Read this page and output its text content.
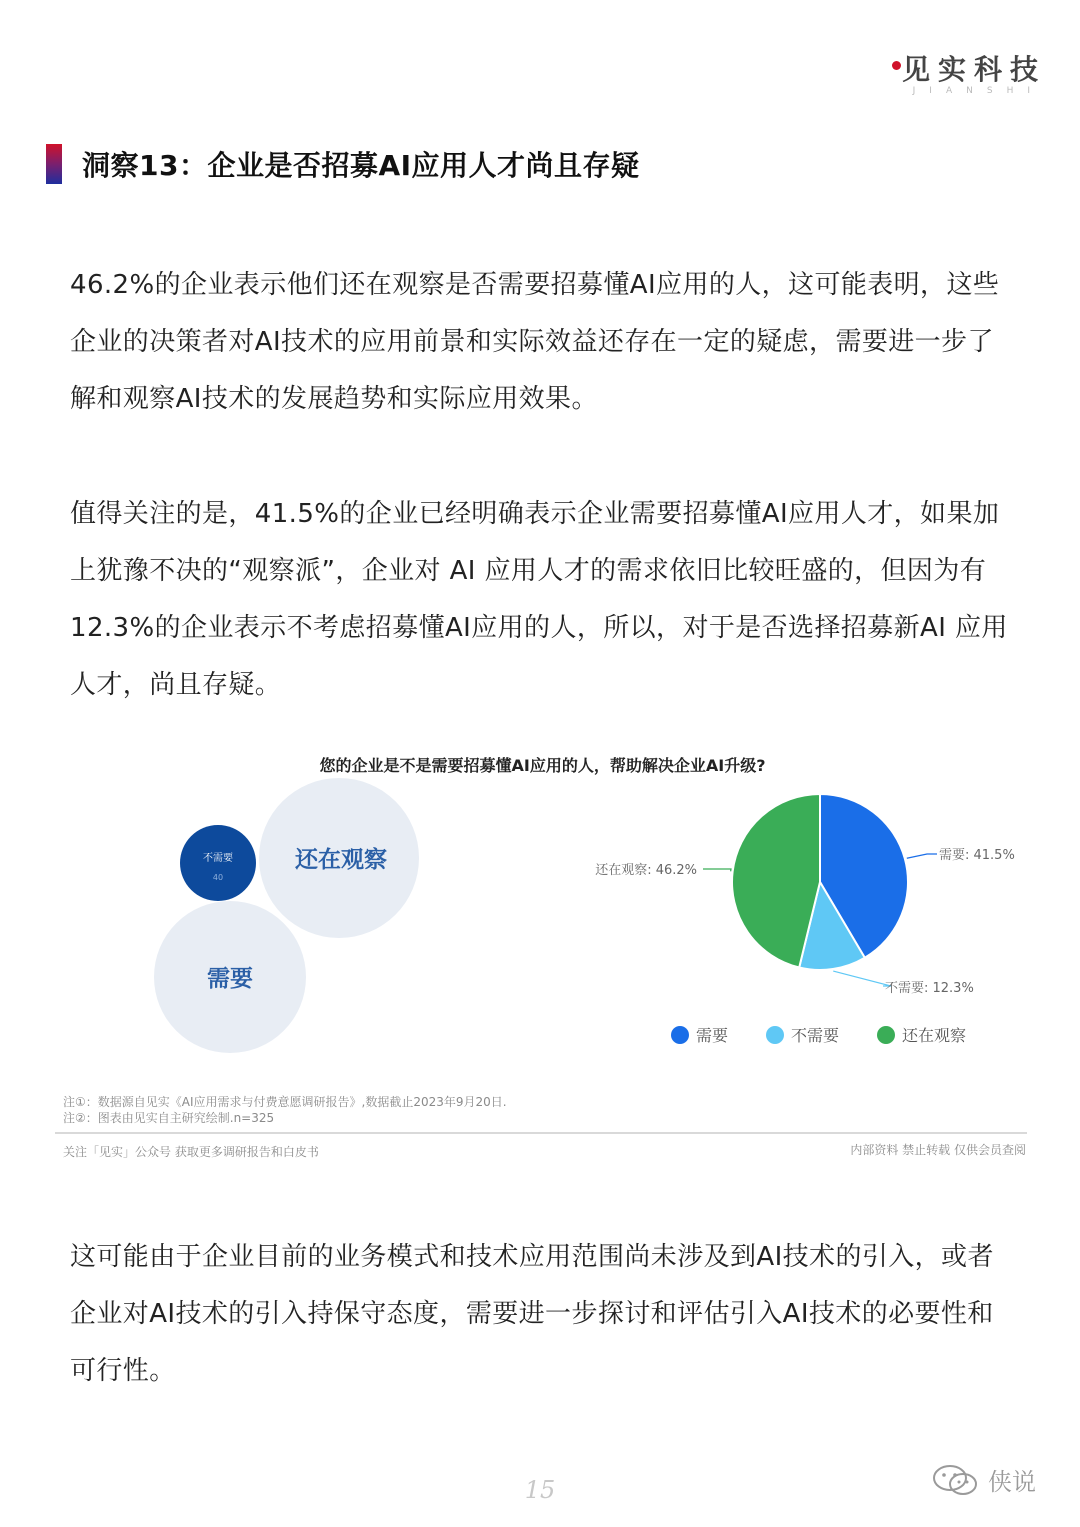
见实科技
JIANSHI
洞察13：企业是否招募AI应用人才尚且存疑

46.2%的企业表示他们还在观察是否需要招募懂AI应用的人，这可能表明，这些企业的决策者对AI技术的应用前景和实际效益还存在一定的疑虑，需要进一步了解和观察AI技术的发展趋势和实际应用效果。

值得关注的是，41.5%的企业已经明确表示企业需要招募懂AI应用人才，如果加上犹豫不决的“观察派”，企业对 AI 应用人才的需求依旧比较旺盛的，但因为有12.3%的企业表示不考虑招募懂AI应用的人，所以，对于是否选择招募新AI 应用人才，尚且存疑。

您的企业是不是需要招募懂AI应用的人，帮助解决企业AI升级?
不需要
40
还在观察
需要
需要: 41.5%
不需要: 12.3%
还在观察: 46.2%
需要	不需要	还在观察
注①：数据源自见实《AI应用需求与付费意愿调研报告》,数据截止2023年9月20日.
注②：图表由见实自主研究绘制.n=325
关注「见实」公众号 获取更多调研报告和白皮书	内部资料 禁止转载 仅供会员查阅

这可能由于企业目前的业务模式和技术应用范围尚未涉及到AI技术的引入，或者企业对AI技术的引入持保守态度，需要进一步探讨和评估引入AI技术的必要性和可行性。

15	侠说
